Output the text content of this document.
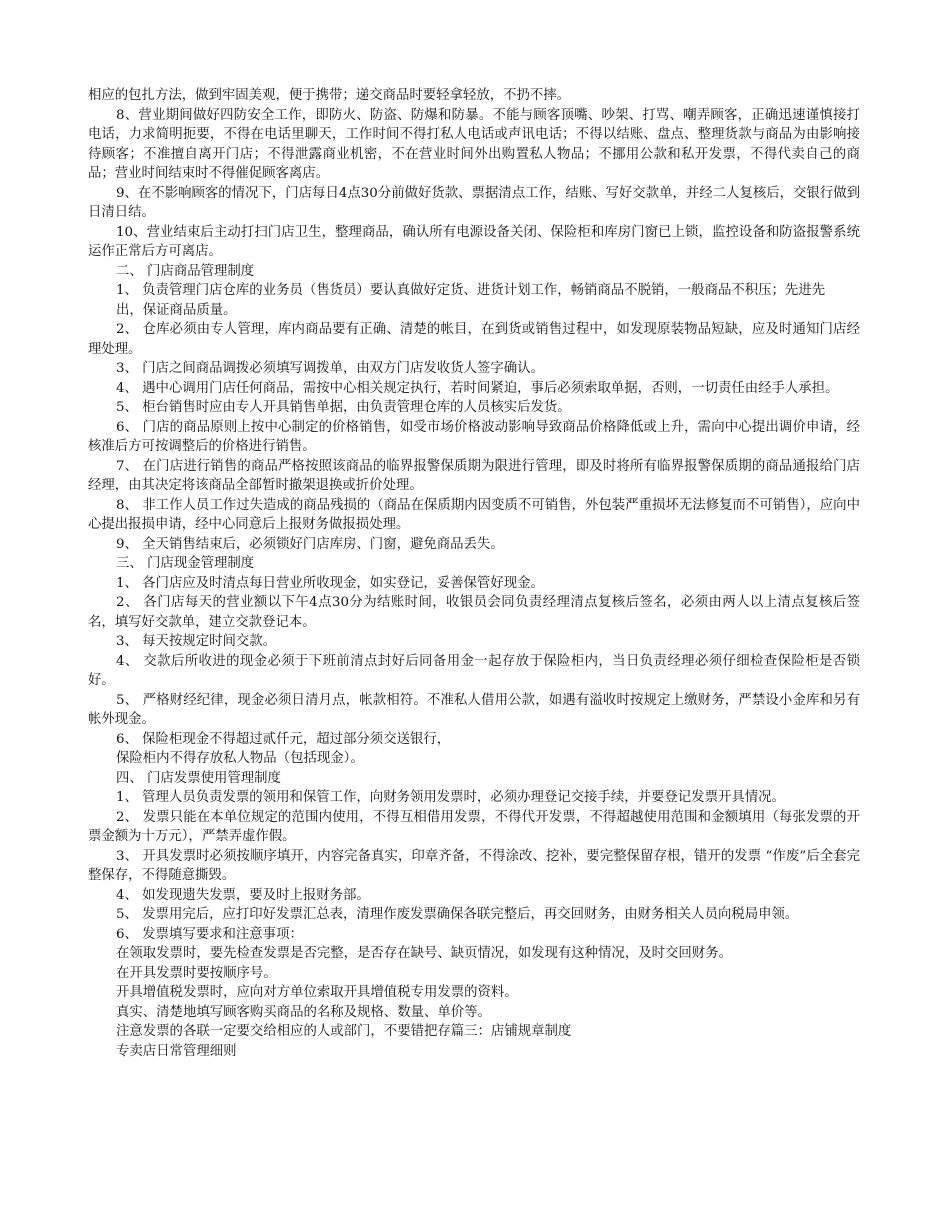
相应的包扎方法，做到牢固美观，便于携带；递交商品时要轻拿轻放，不扔不摔。

8、营业期间做好四防安全工作，即防火、防盗、防爆和防暴。不能与顾客顶嘴、吵架、打骂、嘲弄顾客，正确迅速谨慎接打电话，力求简明扼要，不得在电话里聊天，工作时间不得打私人电话或声讯电话；不得以结账、盘点、整理货款与商品为由影响接待顾客；不准擅自离开门店；不得泄露商业机密，不在营业时间外出购置私人物品；不挪用公款和私开发票，不得代卖自己的商品；营业时间结束时不得催促顾客离店。

9、在不影响顾客的情况下，门店每日4点30分前做好货款、票据清点工作，结账、写好交款单，并经二人复核后，交银行做到日清日结。

10、营业结束后主动打扫门店卫生，整理商品，确认所有电源设备关闭、保险柜和库房门窗已上锁，监控设备和防盗报警系统运作正常后方可离店。

二、 门店商品管理制度

1、 负责管理门店仓库的业务员（售货员）要认真做好定货、进货计划工作，畅销商品不脱销，一般商品不积压；先进先

出，保证商品质量。

2、 仓库必须由专人管理，库内商品要有正确、清楚的帐目，在到货或销售过程中，如发现原装物品短缺，应及时通知门店经理处理。

3、 门店之间商品调拨必须填写调拨单，由双方门店发收货人签字确认。

4、 遇中心调用门店任何商品，需按中心相关规定执行，若时间紧迫，事后必须索取单据，否则，一切责任由经手人承担。

5、 柜台销售时应由专人开具销售单据，由负责管理仓库的人员核实后发货。

6、 门店的商品原则上按中心制定的价格销售，如受市场价格波动影响导致商品价格降低或上升，需向中心提出调价申请，经核准后方可按调整后的价格进行销售。

7、 在门店进行销售的商品严格按照该商品的临界报警保质期为限进行管理，即及时将所有临界报警保质期的商品通报给门店经理，由其决定将该商品全部暂时撤架退换或折价处理。

8、 非工作人员工作过失造成的商品残损的（商品在保质期内因变质不可销售，外包装严重损坏无法修复而不可销售），应向中心提出报损申请，经中心同意后上报财务做报损处理。

9、 全天销售结束后，必须锁好门店库房、门窗，避免商品丢失。

三、 门店现金管理制度

1、 各门店应及时清点每日营业所收现金，如实登记，妥善保管好现金。

2、 各门店每天的营业额以下午4点30分为结账时间，收银员会同负责经理清点复核后签名，必须由两人以上清点复核后签名，填写好交款单，建立交款登记本。

3、 每天按规定时间交款。

4、 交款后所收进的现金必须于下班前清点封好后同备用金一起存放于保险柜内，当日负责经理必须仔细检查保险柜是否锁好。

5、 严格财经纪律，现金必须日清月点，帐款相符。不准私人借用公款，如遇有溢收时按规定上缴财务，严禁设小金库和另有帐外现金。

6、 保险柜现金不得超过贰仟元，超过部分须交送银行，

保险柜内不得存放私人物品（包括现金）。

四、 门店发票使用管理制度

1、 管理人员负责发票的领用和保管工作，向财务领用发票时，必须办理登记交接手续，并要登记发票开具情况。

2、 发票只能在本单位规定的范围内使用，不得互相借用发票，不得代开发票，不得超越使用范围和金额填用（每张发票的开票金额为十万元），严禁弄虚作假。

3、 开具发票时必须按顺序填开，内容完备真实，印章齐备，不得涂改、挖补，要完整保留存根，错开的发票 “作废”后全套完整保存，不得随意撕毁。

4、 如发现遗失发票，要及时上报财务部。

5、 发票用完后，应打印好发票汇总表，清理作废发票确保各联完整后，再交回财务，由财务相关人员向税局申领。

6、 发票填写要求和注意事项：

在领取发票时，要先检查发票是否完整，是否存在缺号、缺页情况，如发现有这种情况，及时交回财务。

在开具发票时要按顺序号。

开具增值税发票时，应向对方单位索取开具增值税专用发票的资料。

真实、清楚地填写顾客购买商品的名称及规格、数量、单价等。

注意发票的各联一定要交给相应的人或部门，不要错把存篇三：店铺规章制度

专卖店日常管理细则
